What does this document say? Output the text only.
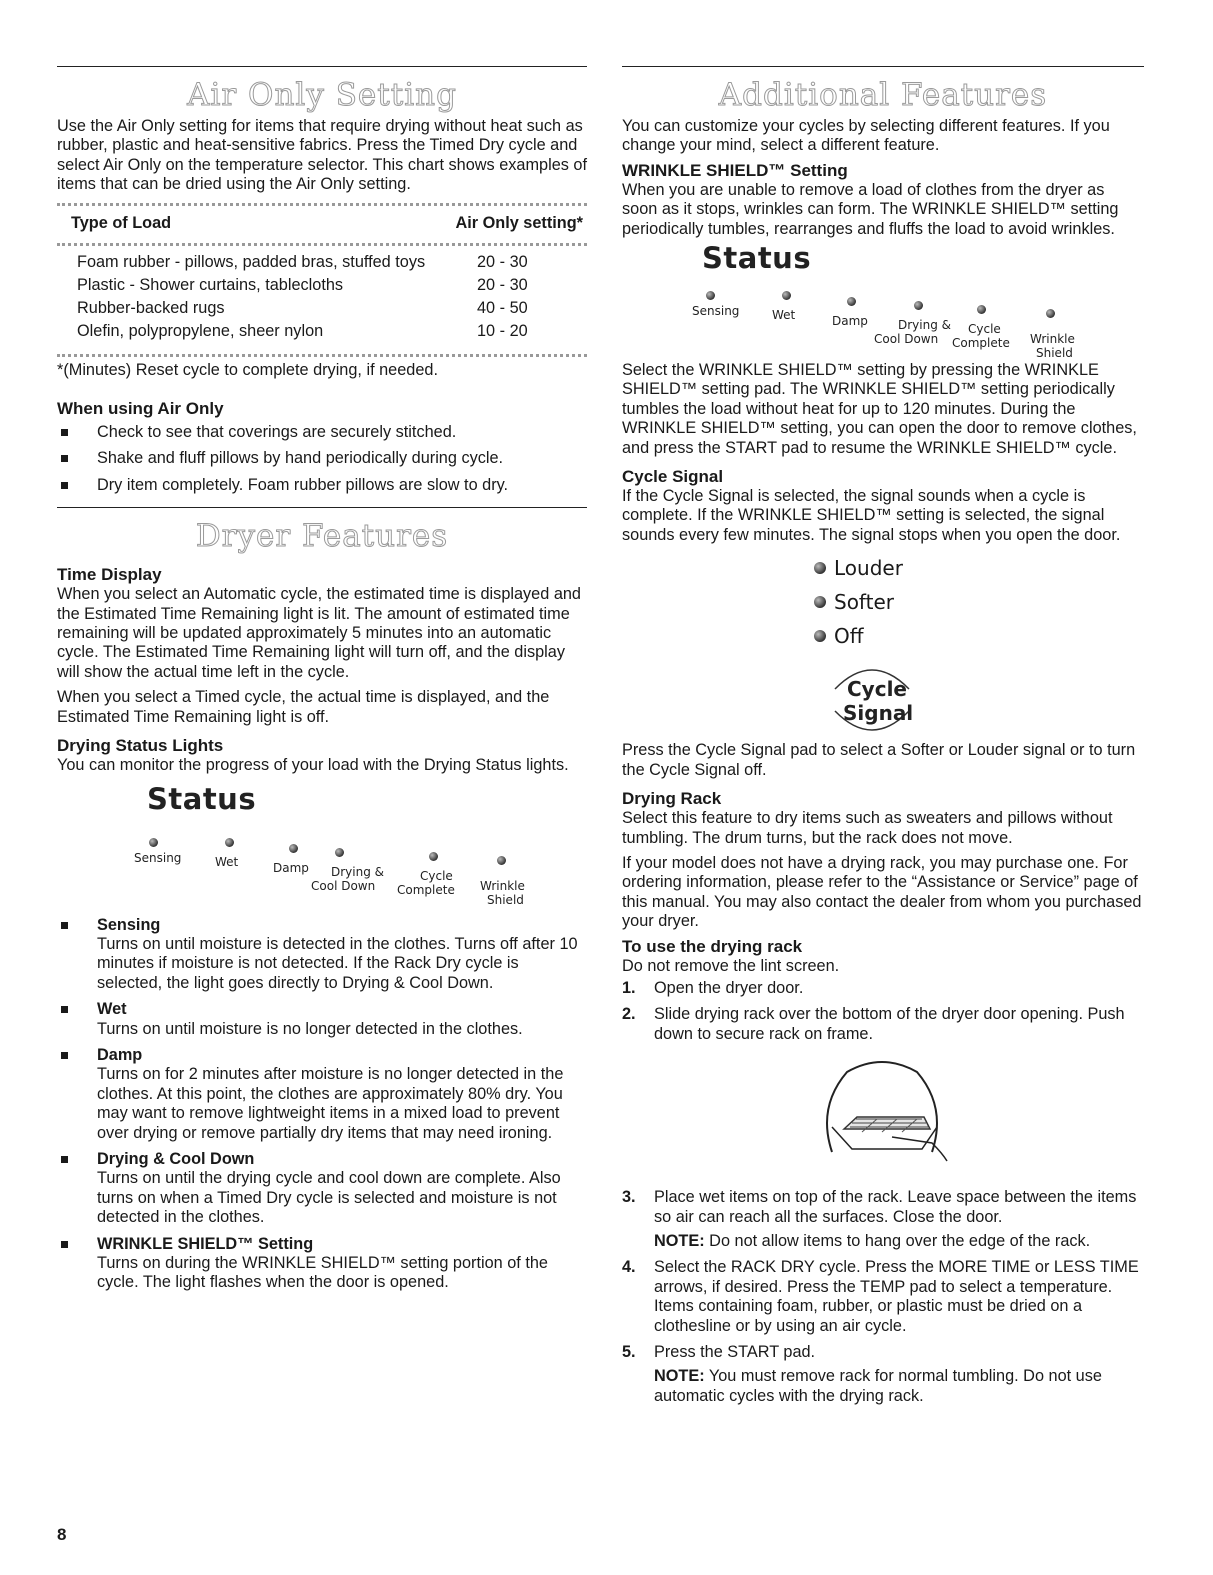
Air Only Setting

Use the Air Only setting for items that require drying without heat such as rubber, plastic and heat-sensitive fabrics. Press the Timed Dry cycle and select Air Only on the temperature selector. This chart shows examples of items that can be dried using the Air Only setting.

Type of Load	Air Only setting*
Foam rubber - pillows, padded bras, stuffed toys	20 - 30
Plastic - Shower curtains, tablecloths	20 - 30
Rubber-backed rugs	40 - 50
Olefin, polypropylene, sheer nylon	10 - 20

*(Minutes) Reset cycle to complete drying, if needed.

When using Air Only
Check to see that coverings are securely stitched.
Shake and fluff pillows by hand periodically during cycle.
Dry item completely. Foam rubber pillows are slow to dry.
Dryer Features
Time Display

When you select an Automatic cycle, the estimated time is displayed and the Estimated Time Remaining light is lit. The amount of estimated time remaining will be updated approximately 5 minutes into an automatic cycle. The Estimated Time Remaining light will turn off, and the display will show the actual time left in the cycle.

When you select a Timed cycle, the actual time is displayed, and the Estimated Time Remaining light is off.

Drying Status Lights

You can monitor the progress of your load with the Drying Status lights.

Status
Sensing	Wet	Damp Drying &
Cool Down
Cycle
Complete Wrinkle
Shield
Sensing
Turns on until moisture is detected in the clothes. Turns off after 10 minutes if moisture is not detected. If the Rack Dry cycle is selected, the light goes directly to Drying & Cool Down.
Wet
Turns on until moisture is no longer detected in the clothes.
Damp
Turns on for 2 minutes after moisture is no longer detected in the clothes. At this point, the clothes are approximately 80% dry. You may want to remove lightweight items in a mixed load to prevent over drying or remove partially dry items that may need ironing.
Drying & Cool Down
Turns on until the drying cycle and cool down are complete. Also turns on when a Timed Dry cycle is selected and moisture is not detected in the clothes.
WRINKLE SHIELD™ Setting
Turns on during the WRINKLE SHIELD™ setting portion of the cycle. The light flashes when the door is opened.
Additional Features

You can customize your cycles by selecting different features. If you change your mind, select a different feature.

WRINKLE SHIELD™ Setting

When you are unable to remove a load of clothes from the dryer as soon as it stops, wrinkles can form. The WRINKLE SHIELD™ setting periodically tumbles, rearranges and fluffs the load to avoid wrinkles.

Status
Sensing	Wet	Damp	Drying &
Cool Down
Cycle
Complete Wrinkle
Shield

Select the WRINKLE SHIELD™ setting by pressing the WRINKLE SHIELD™ setting pad. The WRINKLE SHIELD™ setting periodically tumbles the load without heat for up to 120 minutes. During the WRINKLE SHIELD™ setting, you can open the door to remove clothes, and press the START pad to resume the WRINKLE SHIELD™ cycle.

Cycle Signal

If the Cycle Signal is selected, the signal sounds when a cycle is complete. If the WRINKLE SHIELD™ setting is selected, the signal sounds every few minutes. The signal stops when you open the door.

Louder
Softer
Off
Cycle
Signal

Press the Cycle Signal pad to select a Softer or Louder signal or to turn the Cycle Signal off.

Drying Rack

Select this feature to dry items such as sweaters and pillows without tumbling. The drum turns, but the rack does not move.

If your model does not have a drying rack, you may purchase one. For ordering information, please refer to the “Assistance or Service” page of this manual. You may also contact the dealer from whom you purchased your dryer.

To use the drying rack

Do not remove the lint screen.

1. Open the dryer door.
2. Slide drying rack over the bottom of the dryer door opening. Push down to secure rack on frame.
3. Place wet items on top of the rack. Leave space between the items so air can reach all the surfaces. Close the door.
NOTE: Do not allow items to hang over the edge of the rack.
4. Select the RACK DRY cycle. Press the MORE TIME or LESS TIME arrows, if desired. Press the TEMP pad to select a temperature. Items containing foam, rubber, or plastic must be dried on a clothesline or by using an air cycle.
5. Press the START pad.
NOTE: You must remove rack for normal tumbling. Do not use automatic cycles with the drying rack.
8
